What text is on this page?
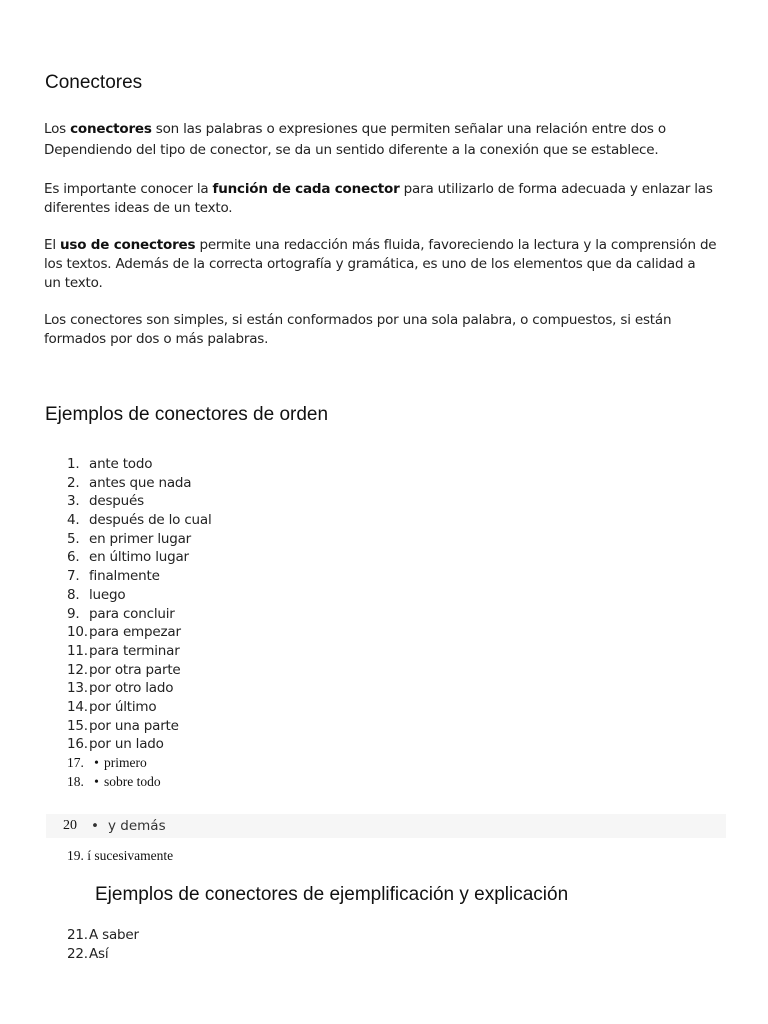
Conectores

Los conectores son las palabras o expresiones que permiten señalar una relación entre dos o
Dependiendo del tipo de conector, se da un sentido diferente a la conexión que se establece.

Es importante conocer la función de cada conector para utilizarlo de forma adecuada y enlazar las
diferentes ideas de un texto.

El uso de conectores permite una redacción más fluida, favoreciendo la lectura y la comprensión de
los textos. Además de la correcta ortografía y gramática, es uno de los elementos que da calidad a
un texto.

Los conectores son simples, si están conformados por una sola palabra, o compuestos, si están
formados por dos o más palabras.

Ejemplos de conectores de orden
1. ante todo
2. antes que nada
3. después
4. después de lo cual
5. en primer lugar
6. en último lugar
7. finalmente
8. luego
9. para concluir
10. para empezar
11. para terminar
12. por otra parte
13. por otro lado
14. por último
15. por una parte
16. por un lado
17. • primero
18. • sobre todo
20 • y demás
19. í sucesivamente
Ejemplos de conectores de ejemplificación y explicación
21. A saber
22. Así
